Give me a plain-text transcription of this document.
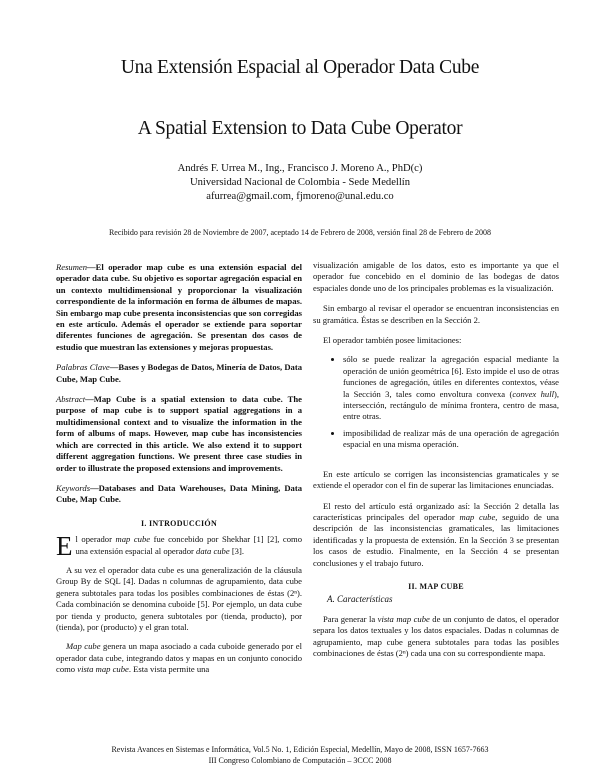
Una Extensión Espacial al Operador Data Cube
A Spatial Extension to Data Cube Operator
Andrés F. Urrea M., Ing., Francisco J. Moreno A., PhD(c)
Universidad Nacional de Colombia - Sede Medellín
afurrea@gmail.com, fjmoreno@unal.edu.co
Recibido para revisión 28 de Noviembre de 2007, aceptado 14 de Febrero de 2008, versión final 28 de Febrero de 2008

Resumen—El operador map cube es una extensión espacial del operador data cube. Su objetivo es soportar agregación espacial en un contexto multidimensional y proporcionar la visualización correspondiente de la información en forma de álbumes de mapas. Sin embargo map cube presenta inconsistencias que son corregidas en este artículo. Además el operador se extiende para soportar diferentes funciones de agregación. Se presentan dos casos de estudio que muestran las extensiones y mejoras propuestas.

Palabras Clave—Bases y Bodegas de Datos, Minería de Datos, Data Cube, Map Cube.

Abstract—Map Cube is a spatial extension to data cube. The purpose of map cube is to support spatial aggregations in a multidimensional context and to visualize the information in the form of albums of maps. However, map cube has inconsistencies which are corrected in this article. We also extend it to support different aggregation functions. We present three case studies in order to illustrate the proposed extensions and improvements.

Keywords—Databases and Data Warehouses, Data Mining, Data Cube, Map Cube.

I. INTRODUCCIÓN

El operador map cube fue concebido por Shekhar [1] [2], como una extensión espacial al operador data cube [3].

A su vez el operador data cube es una generalización de la cláusula Group By de SQL [4]. Dadas n columnas de agrupamiento, data cube genera subtotales para todas los posibles combinaciones de éstas (2ⁿ). Cada combinación se denomina cuboide [5]. Por ejemplo, un data cube por tienda y producto, genera subtotales por (tienda, producto), por (tienda), por (producto) y el gran total.

Map cube genera un mapa asociado a cada cuboide generado por el operador data cube, integrando datos y mapas en un conjunto conocido como vista map cube. Esta vista permite una

visualización amigable de los datos, esto es importante ya que el operador fue concebido en el dominio de las bodegas de datos espaciales donde uno de los principales problemas es la visualización.

Sin embargo al revisar el operador se encuentran inconsistencias en su gramática. Éstas se describen en la Sección 2.

El operador también posee limitaciones:

• sólo se puede realizar la agregación espacial mediante la operación de unión geométrica [6]. Esto impide el uso de otras funciones de agregación, útiles en diferentes contextos, véase la Sección 3, tales como envoltura convexa (convex hull), intersección, rectángulo de mínima frontera, centro de masa, entre otras.
• imposibilidad de realizar más de una operación de agregación espacial en una misma operación.

En este artículo se corrigen las inconsistencias gramaticales y se extiende el operador con el fin de superar las limitaciones enunciadas.

El resto del artículo está organizado así: la Sección 2 detalla las características principales del operador map cube, seguido de una descripción de las inconsistencias gramaticales, las limitaciones identificadas y la propuesta de extensión. En la Sección 3 se presentan los casos de estudio. Finalmente, en la Sección 4 se presentan conclusiones y el trabajo futuro.

II. MAP CUBE

A. Características

Para generar la vista map cube de un conjunto de datos, el operador separa los datos textuales y los datos espaciales. Dadas n columnas de agrupamiento, map cube genera subtotales para todas las posibles combinaciones de éstas (2ⁿ) cada una con su correspondiente mapa.

Revista Avances en Sistemas e Informática, Vol.5 No. 1, Edición Especial, Medellín, Mayo de 2008, ISSN 1657-7663
III Congreso Colombiano de Computación – 3CCC 2008
